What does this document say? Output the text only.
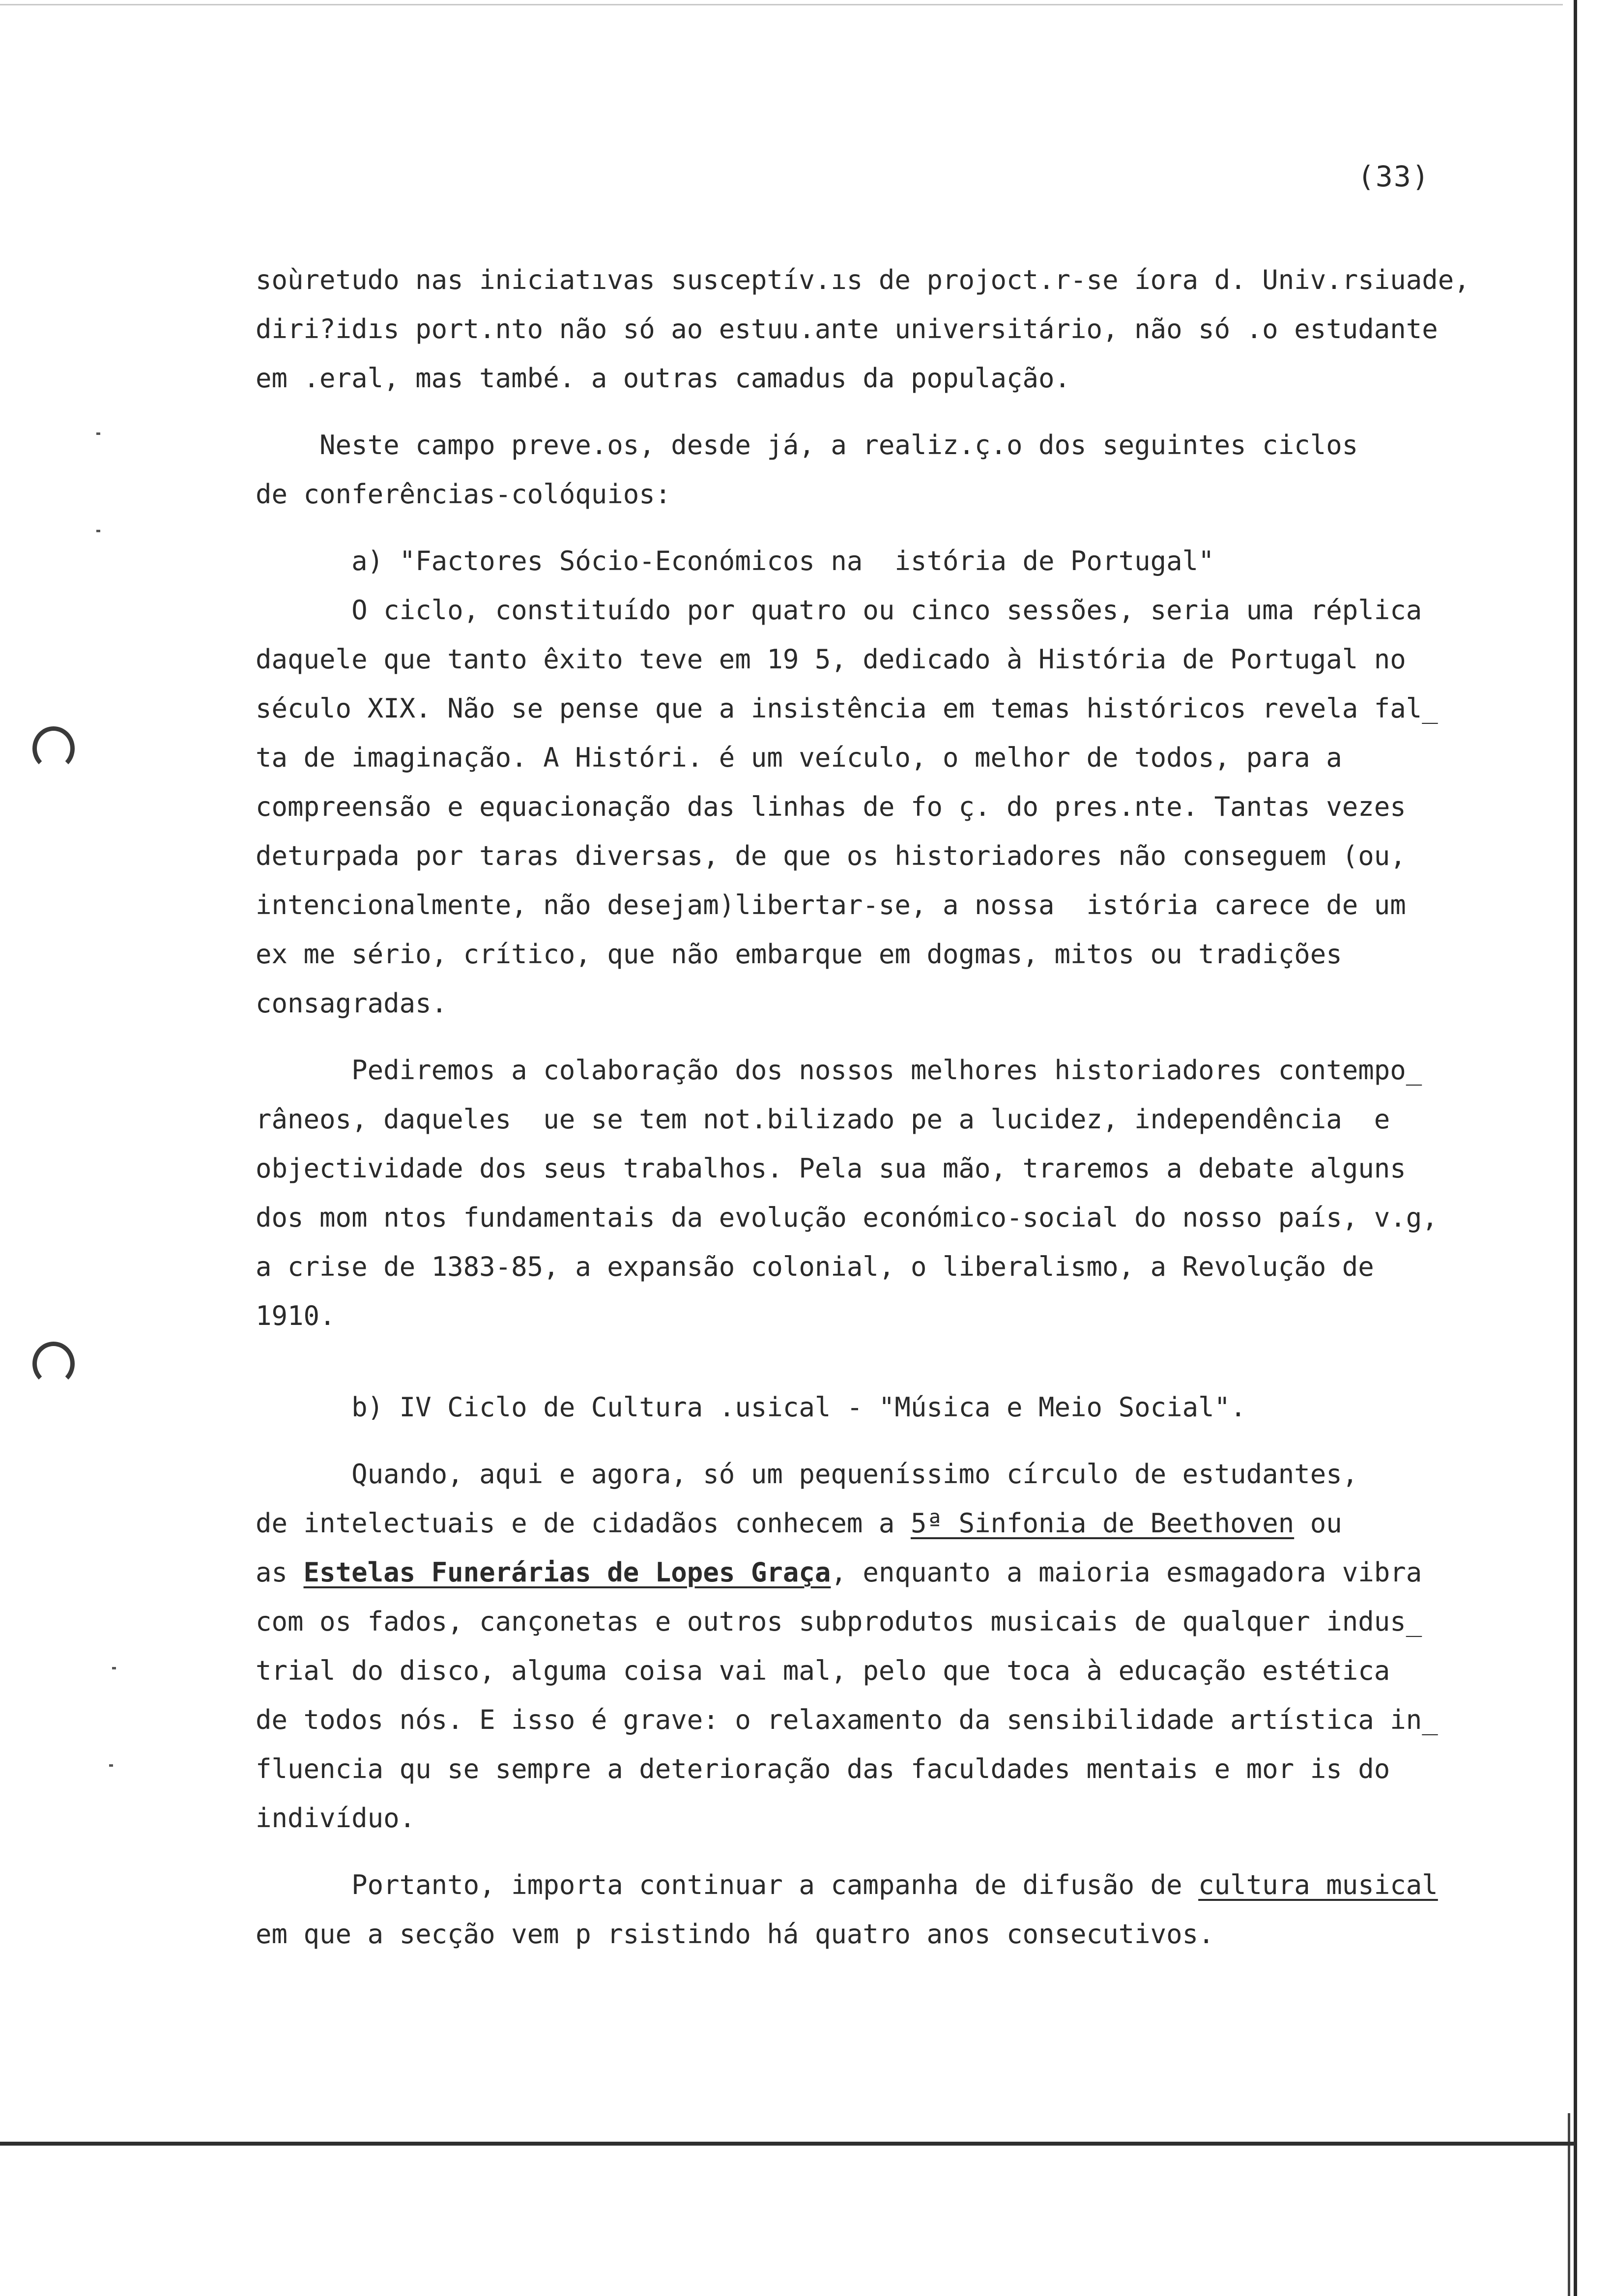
(33)
soùretudo nas iniciatıvas susceptív.ıs de projoct.r-se íora d. Univ.rsiuade,
diri?idıs port.nto não só ao estuu.ante universitário, não só .o estudante
em .eral, mas també. a outras camadus da população.
Neste campo preve.os, desde já, a realiz.ç.o dos seguintes ciclos
de conferências-colóquios:
a) "Factores Sócio-Económicos na  istória de Portugal"
O ciclo, constituído por quatro ou cinco sessões, seria uma réplica
daquele que tanto êxito teve em 19 5, dedicado à História de Portugal no
século XIX. Não se pense que a insistência em temas históricos revela fal_
ta de imaginação. A Históri. é um veículo, o melhor de todos, para a
compreensão e equacionação das linhas de fo ç. do pres.nte. Tantas vezes
deturpada por taras diversas, de que os historiadores não conseguem (ou,
intencionalmente, não desejam)libertar-se, a nossa  istória carece de um
ex me sério, crítico, que não embarque em dogmas, mitos ou tradições
consagradas.
Pediremos a colaboração dos nossos melhores historiadores contempo_
râneos, daqueles  ue se tem not.bilizado pe a lucidez, independência  e
objectividade dos seus trabalhos. Pela sua mão, traremos a debate alguns
dos mom ntos fundamentais da evolução económico-social do nosso país, v.g,
a crise de 1383-85, a expansão colonial, o liberalismo, a Revolução de
1910.
b) IV Ciclo de Cultura .usical - "Música e Meio Social".
Quando, aqui e agora, só um pequeníssimo círculo de estudantes,
de intelectuais e de cidadãos conhecem a 5ª Sinfonia de Beethoven ou
as Estelas Funerárias de Lopes Graça, enquanto a maioria esmagadora vibra
com os fados, cançonetas e outros subprodutos musicais de qualquer indus_
trial do disco, alguma coisa vai mal, pelo que toca à educação estética
de todos nós. E isso é grave: o relaxamento da sensibilidade artística in_
fluencia qu se sempre a deterioração das faculdades mentais e mor is do
indivíduo.
Portanto, importa continuar a campanha de difusão de cultura musical
em que a secção vem p rsistindo há quatro anos consecutivos.
